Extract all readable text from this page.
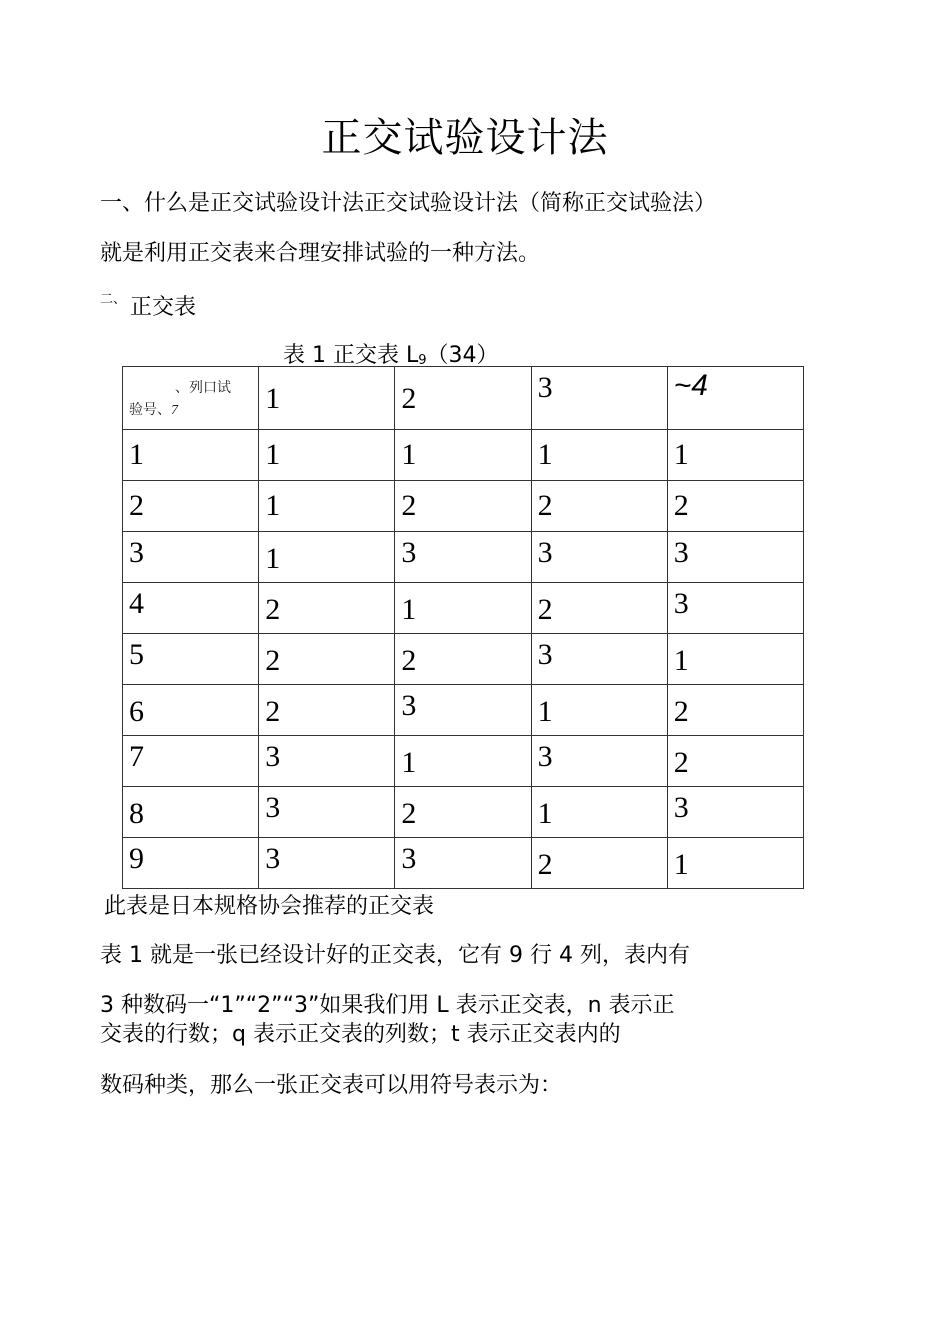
正交试验设计法
一、什么是正交试验设计法正交试验设计法（简称正交试验法）
就是利用正交表来合理安排试验的一种方法。
二、 正交表
表 1 正交表 $L_9(34)$
、列口试
验号、7	1	2	3	~4
1	1	1	1	1
2	1	2	2	2
3	1	3	3	3
4	2	1	2	3
5	2	2	3	1
6	2	3	1	2
7	3	1	3	2
8	3	2	1	3
9	3	3	2	1
此表是日本规格协会推荐的正交表
表 1 就是一张已经设计好的正交表，它有 9 行 4 列，表内有
3 种数码一“1”“2”“3”如果我们用 L 表示正交表，n 表示正
交表的行数；q 表示正交表的列数；t 表示正交表内的
数码种类，那么一张正交表可以用符号表示为：
